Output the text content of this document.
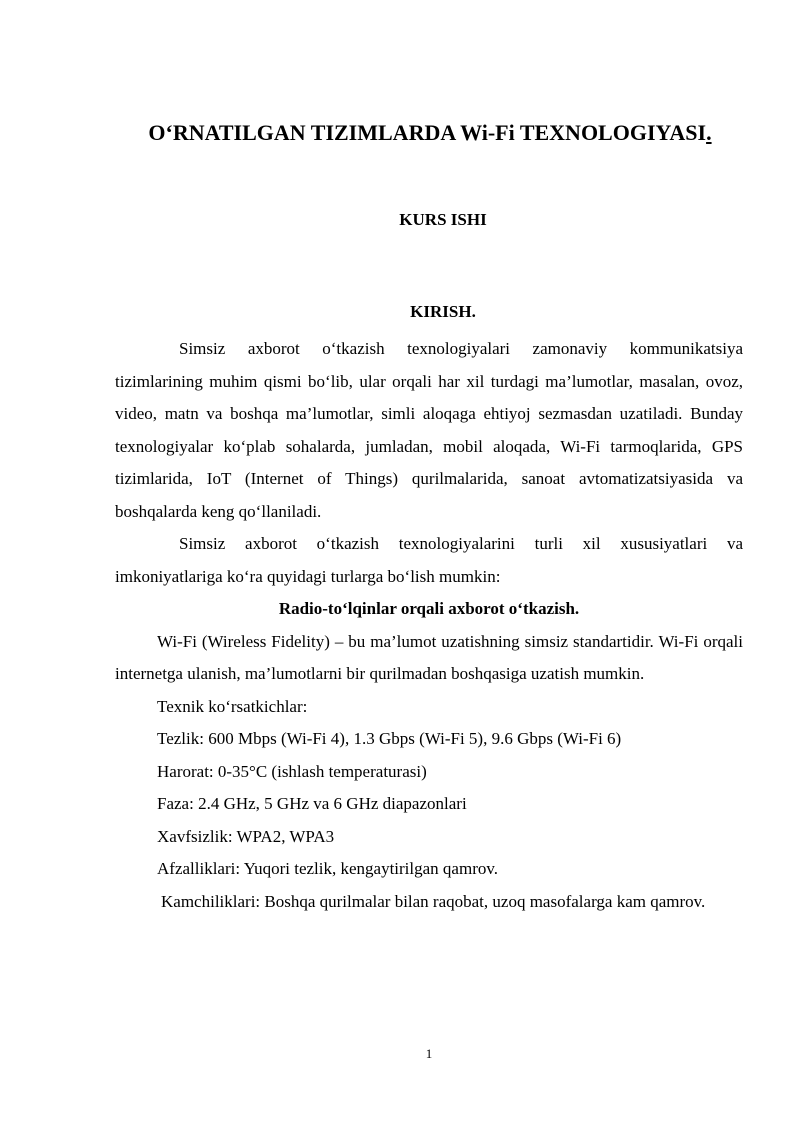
O‘RNATILGAN TIZIMLARDA Wi-Fi TEXNOLOGIYASI.
KURS ISHI
KIRISH.

Simsiz axborot o‘tkazish texnologiyalari zamonaviy kommunikatsiya tizimlarining muhim qismi bo‘lib, ular orqali har xil turdagi ma’lumotlar, masalan, ovoz, video, matn va boshqa ma’lumotlar, simli aloqaga ehtiyoj sezmasdan uzatiladi. Bunday texnologiyalar ko‘plab sohalarda, jumladan, mobil aloqada, Wi-Fi tarmoqlarida, GPS tizimlarida, IoT (Internet of Things) qurilmalarida, sanoat avtomatizatsiyasida va boshqalarda keng qo‘llaniladi.

Simsiz axborot o‘tkazish texnologiyalarini turli xil xususiyatlari va imkoniyatlariga ko‘ra quyidagi turlarga bo‘lish mumkin:

Radio-to‘lqinlar orqali axborot o‘tkazish.

Wi-Fi (Wireless Fidelity) – bu ma’lumot uzatishning simsiz standartidir. Wi-Fi orqali internetga ulanish, ma’lumotlarni bir qurilmadan boshqasiga uzatish mumkin.

Texnik ko‘rsatkichlar:

Tezlik: 600 Mbps (Wi-Fi 4), 1.3 Gbps (Wi-Fi 5), 9.6 Gbps (Wi-Fi 6)

Harorat: 0-35°C (ishlash temperaturasi)

Faza: 2.4 GHz, 5 GHz va 6 GHz diapazonlari

Xavfsizlik: WPA2, WPA3

Afzalliklari: Yuqori tezlik, kengaytirilgan qamrov.

Kamchiliklari: Boshqa qurilmalar bilan raqobat, uzoq masofalarga kam qamrov.

1
